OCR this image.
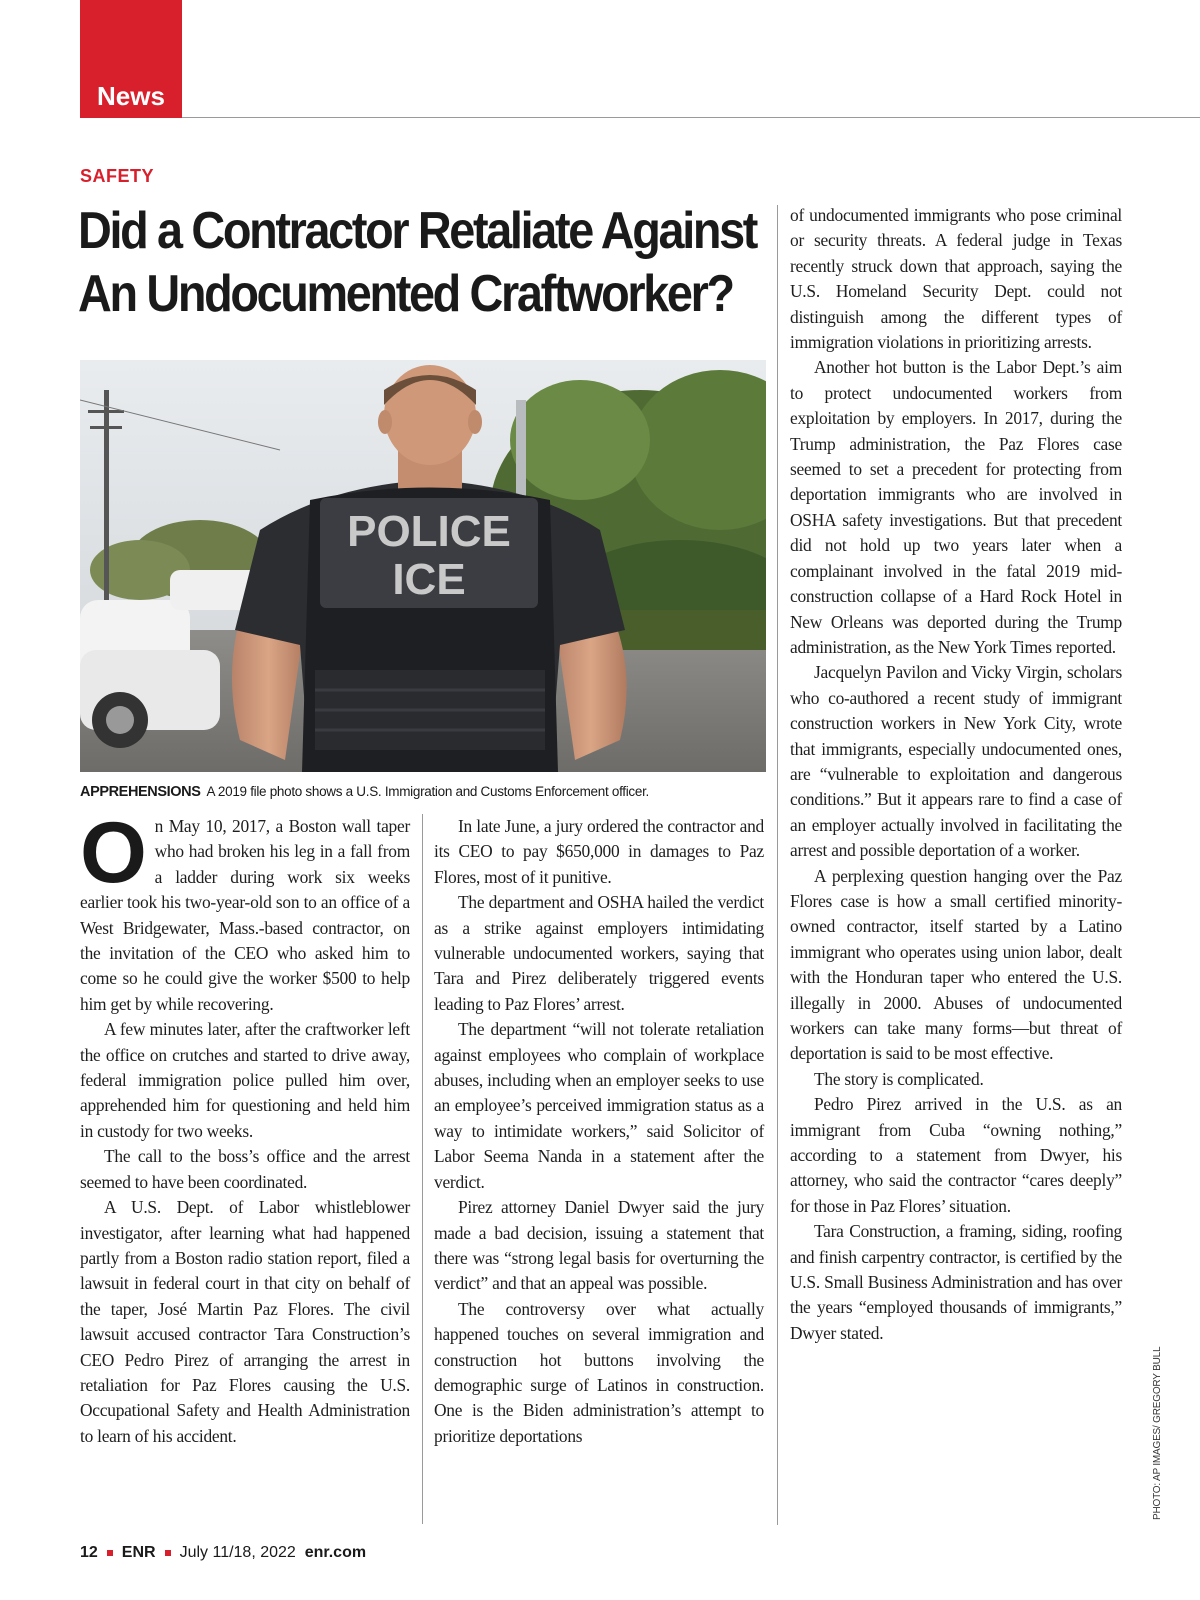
News
SAFETY
Did a Contractor Retaliate Against
An Undocumented Craftworker?
POLICE
ICE
APPREHENSIONS A 2019 file photo shows a U.S. Immigration and Customs Enforcement officer.

On May 10, 2017, a Boston wall taper who had broken his leg in a fall from a ladder during work six weeks earlier took his two-year-old son to an office of a West Bridgewater, Mass.-based contractor, on the invitation of the CEO who asked him to come so he could give the worker $500 to help him get by while recovering.

A few minutes later, after the craftworker left the office on crutches and started to drive away, federal immigration police pulled him over, apprehended him for questioning and held him in custody for two weeks.

The call to the boss’s office and the arrest seemed to have been coordinated.

A U.S. Dept. of Labor whistleblower investigator, after learning what had happened partly from a Boston radio station report, filed a lawsuit in federal court in that city on behalf of the taper, José Martin Paz Flores. The civil lawsuit accused contractor Tara Construction’s CEO Pedro Pirez of arranging the arrest in retaliation for Paz Flores causing the U.S. Occupational Safety and Health Administration to learn of his accident.

In late June, a jury ordered the contractor and its CEO to pay $650,000 in damages to Paz Flores, most of it punitive.

The department and OSHA hailed the verdict as a strike against employers intimidating vulnerable undocumented workers, saying that Tara and Pirez deliberately triggered events leading to Paz Flores’ arrest.

The department “will not tolerate retaliation against employees who complain of workplace abuses, including when an employer seeks to use an employee’s perceived immigration status as a way to intimidate workers,” said Solicitor of Labor Seema Nanda in a statement after the verdict.

Pirez attorney Daniel Dwyer said the jury made a bad decision, issuing a statement that there was “strong legal basis for overturning the verdict” and that an appeal was possible.

The controversy over what actually happened touches on several immigration and construction hot buttons involving the demographic surge of Latinos in construction. One is the Biden administration’s attempt to prioritize deportations

of undocumented immigrants who pose criminal or security threats. A federal judge in Texas recently struck down that approach, saying the U.S. Homeland Security Dept. could not distinguish among the different types of immigration violations in prioritizing arrests.

Another hot button is the Labor Dept.’s aim to protect undocumented workers from exploitation by employers. In 2017, during the Trump administration, the Paz Flores case seemed to set a precedent for protecting from deportation immigrants who are involved in OSHA safety investigations. But that precedent did not hold up two years later when a complainant involved in the fatal 2019 mid-construction collapse of a Hard Rock Hotel in New Orleans was deported during the Trump administration, as the New York Times reported.

Jacquelyn Pavilon and Vicky Virgin, scholars who co-authored a recent study of immigrant construction workers in New York City, wrote that immigrants, especially undocumented ones, are “vulnerable to exploitation and dangerous conditions.” But it appears rare to find a case of an employer actually involved in facilitating the arrest and possible deportation of a worker.

A perplexing question hanging over the Paz Flores case is how a small certified minority-owned contractor, itself started by a Latino immigrant who operates using union labor, dealt with the Honduran taper who entered the U.S. illegally in 2000. Abuses of undocumented workers can take many forms—but threat of deportation is said to be most effective.

The story is complicated.

Pedro Pirez arrived in the U.S. as an immigrant from Cuba “owning nothing,” according to a statement from Dwyer, his attorney, who said the contractor “cares deeply” for those in Paz Flores’ situation.

Tara Construction, a framing, siding, roofing and finish carpentry contractor, is certified by the U.S. Small Business Administration and has over the years “employed thousands of immigrants,” Dwyer stated.

PHOTO: AP IMAGES/ GREGORY BULL
12 ENR July 11/18, 2022 enr.com
